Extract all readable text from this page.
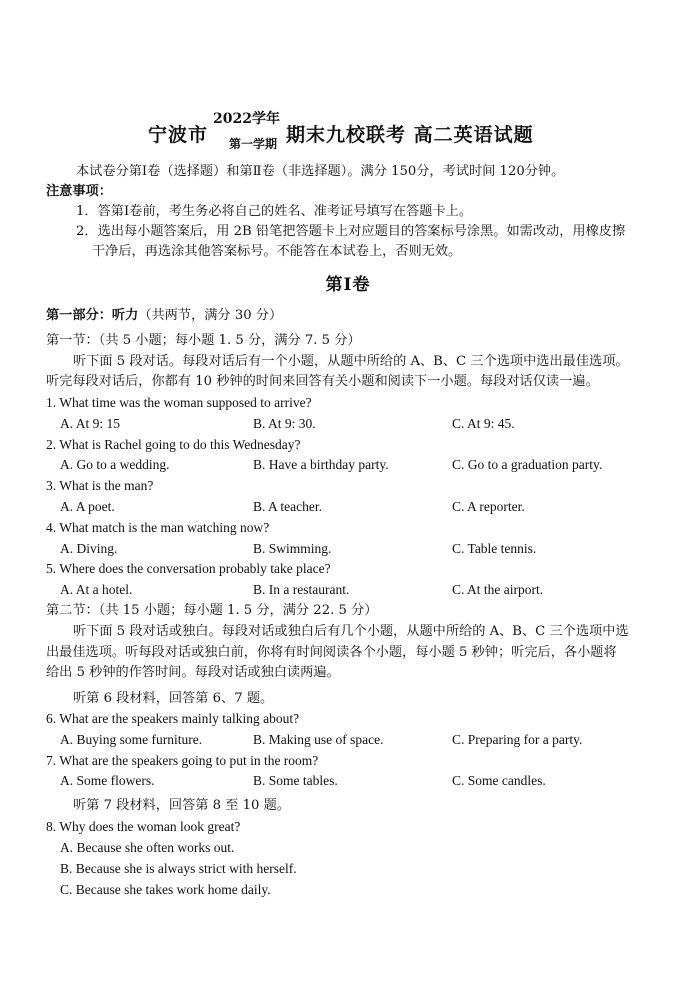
宁波市
2022学年
第一学期 期末九校联考 高二英语试题
本试卷分第Ⅰ卷（选择题）和第Ⅱ卷（非选择题）。满分 150分，考试时间 120分钟。
注意事项：
1．答第Ⅰ卷前，考生务必将自己的姓名、准考证号填写在答题卡上。
2．选出每小题答案后，用 2B 铅笔把答题卡上对应题目的答案标号涂黑。如需改动，用橡皮擦
干净后，再选涂其他答案标号。不能答在本试卷上，否则无效。
第Ⅰ卷
第一部分：听力（共两节，满分 30 分）
第一节：（共 5 小题；每小题 1. 5 分，满分 7. 5 分）
听下面 5 段对话。每段对话后有一个小题，从题中所给的 A、B、C 三个选项中选出最佳选项。
听完每段对话后，你都有 10 秒钟的时间来回答有关小题和阅读下一小题。每段对话仅读一遍。
1. What time was the woman supposed to arrive?
A. At 9: 15	B. At 9: 30.	C. At 9: 45.
2. What is Rachel going to do this Wednesday?
A. Go to a wedding.	B. Have a birthday party.	C. Go to a graduation party.
3. What is the man?
A. A poet.	B. A teacher.	C. A reporter.
4. What match is the man watching now?
A. Diving.	B. Swimming.	C. Table tennis.
5. Where does the conversation probably take place?
A. At a hotel.	B. In a restaurant.	C. At the airport.
第二节：（共 15 小题；每小题 1. 5 分，满分 22. 5 分）
听下面 5 段对话或独白。每段对话或独白后有几个小题，从题中所给的 A、B、C 三个选项中选
出最佳选项。听每段对话或独白前，你将有时间阅读各个小题，每小题 5 秒钟；听完后，各小题将
给出 5 秒钟的作答时间。每段对话或独白读两遍。
听第 6 段材料，回答第 6、7 题。
6. What are the speakers mainly talking about?
A. Buying some furniture.	B. Making use of space.	C. Preparing for a party.
7. What are the speakers going to put in the room?
A. Some flowers.	B. Some tables.	C. Some candles.
听第 7 段材料，回答第 8 至 10 题。
8. Why does the woman look great?
A. Because she often works out.
B. Because she is always strict with herself.
C. Because she takes work home daily.
